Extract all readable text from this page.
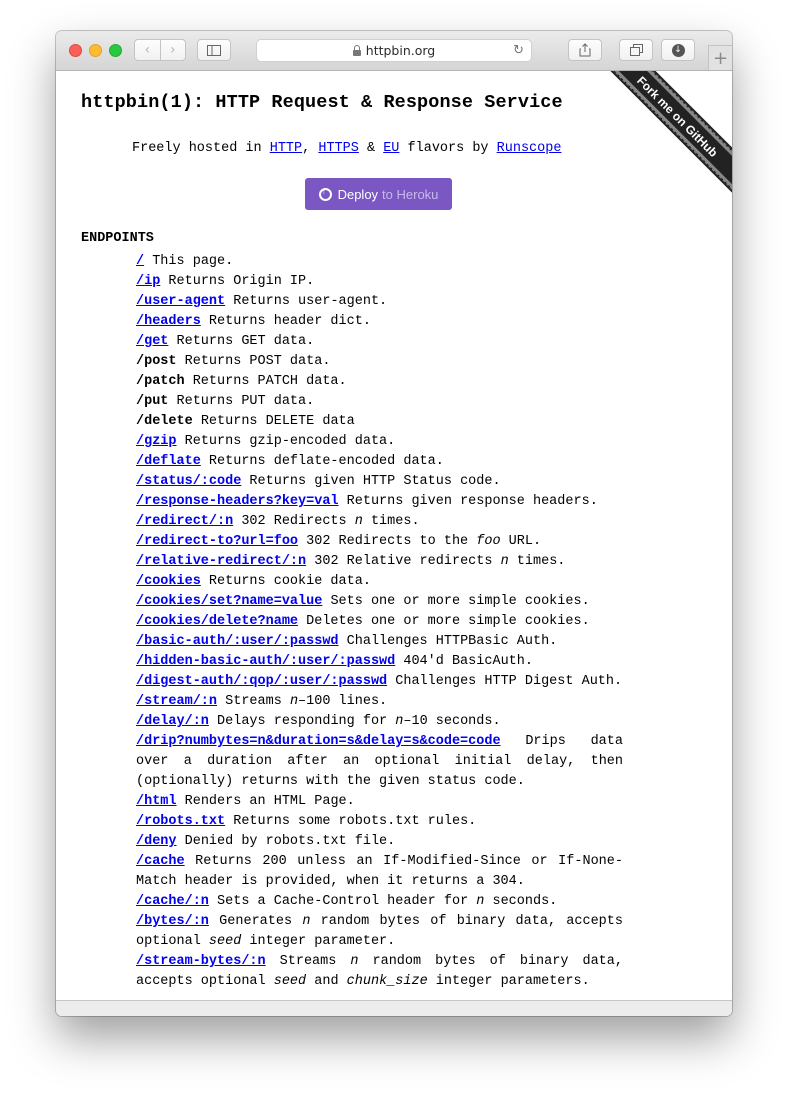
‹ ›	httpbin.org	↻	↓ +
httpbin(1): HTTP Request & Response Service
Freely hosted in HTTP, HTTPS & EU flavors by Runscope
↑
Deploy to Heroku
Fork me on GitHub
ENDPOINTS

/ This page.

/ip Returns Origin IP.

/user-agent Returns user-agent.

/headers Returns header dict.

/get Returns GET data.

/post Returns POST data.

/patch Returns PATCH data.

/put Returns PUT data.

/delete Returns DELETE data

/gzip Returns gzip-encoded data.

/deflate Returns deflate-encoded data.

/status/:code Returns given HTTP Status code.

/response-headers?key=val Returns given response headers.

/redirect/:n 302 Redirects n times.

/redirect-to?url=foo 302 Redirects to the foo URL.

/relative-redirect/:n 302 Relative redirects n times.

/cookies Returns cookie data.

/cookies/set?name=value Sets one or more simple cookies.

/cookies/delete?name Deletes one or more simple cookies.

/basic-auth/:user/:passwd Challenges HTTPBasic Auth.

/hidden-basic-auth/:user/:passwd 404'd BasicAuth.

/digest-auth/:qop/:user/:passwd Challenges HTTP Digest Auth.

/stream/:n Streams n–100 lines.

/delay/:n Delays responding for n–10 seconds.

/drip?numbytes=n&duration=s&delay=s&code=code Drips data over a duration after an optional initial delay, then (optionally) returns with the given status code.

/html Renders an HTML Page.

/robots.txt Returns some robots.txt rules.

/deny Denied by robots.txt file.

/cache Returns 200 unless an If-Modified-Since or If-None-Match header is provided, when it returns a 304.

/cache/:n Sets a Cache-Control header for n seconds.

/bytes/:n Generates n random bytes of binary data, accepts optional seed integer parameter.

/stream-bytes/:n Streams n random bytes of binary data, accepts optional seed and chunk_size integer parameters.
